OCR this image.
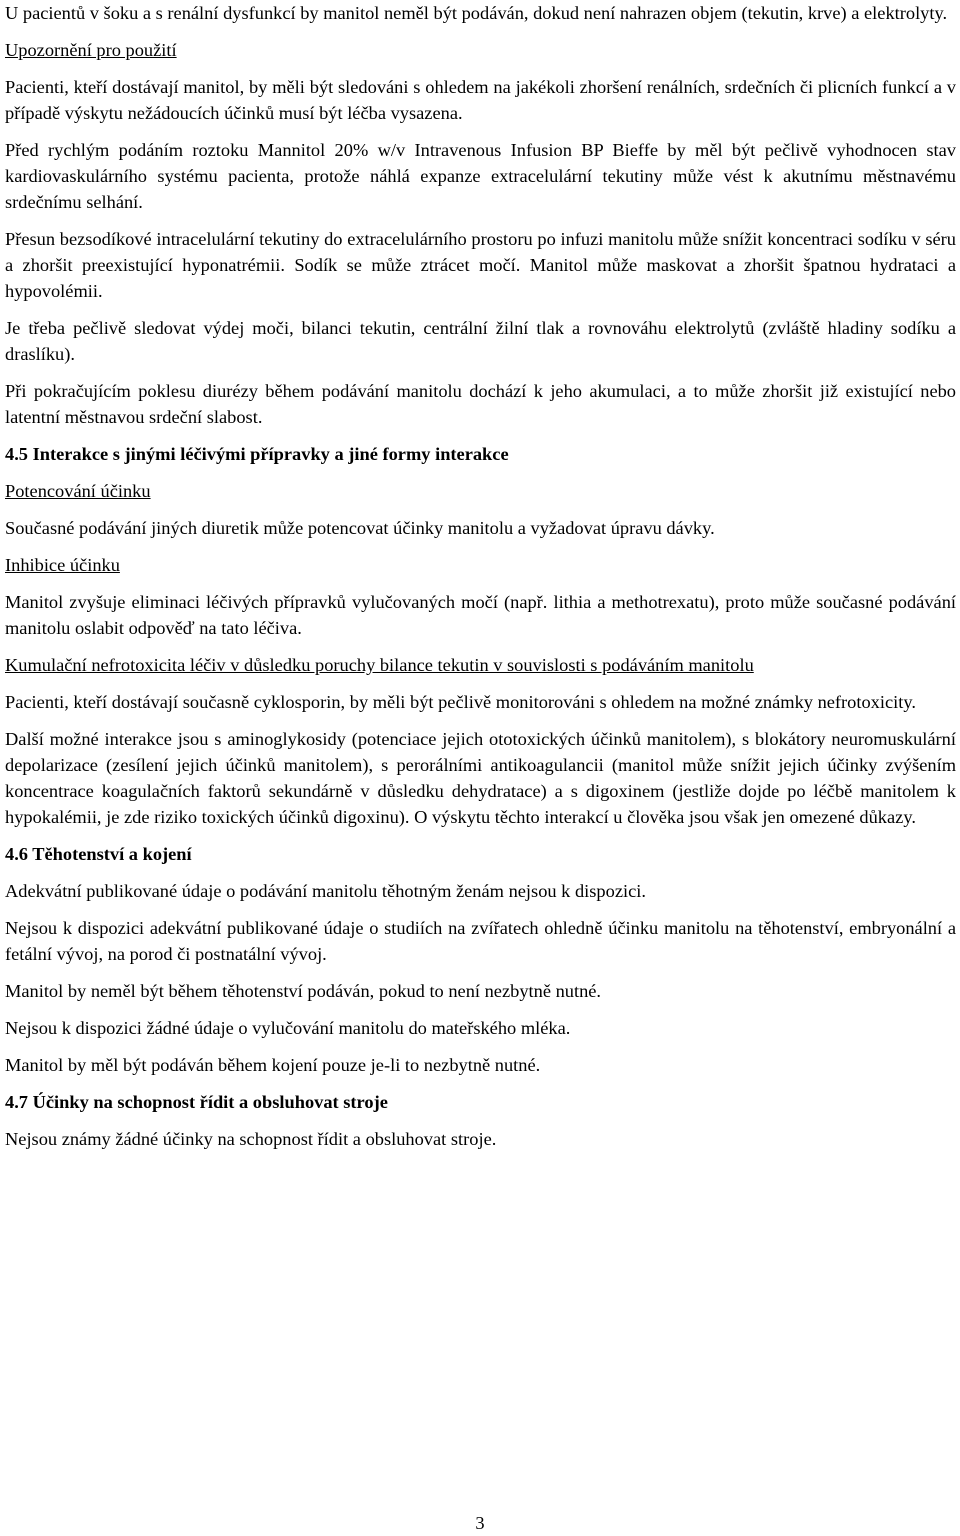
U pacientů v šoku a s renální dysfunkcí by manitol neměl být podáván, dokud není nahrazen objem (tekutin, krve) a elektrolyty.

Upozornění pro použití

Pacienti, kteří dostávají manitol, by měli být sledováni s ohledem na jakékoli zhoršení renálních, srdečních či plicních funkcí a v případě výskytu nežádoucích účinků musí být léčba vysazena.

Před rychlým podáním roztoku Mannitol 20% w/v Intravenous Infusion BP Bieffe by měl být pečlivě vyhodnocen stav kardiovaskulárního systému pacienta, protože náhlá expanze extracelulární tekutiny může vést k akutnímu městnavému srdečnímu selhání.

Přesun bezsodíkové intracelulární tekutiny do extracelulárního prostoru po infuzi manitolu může snížit koncentraci sodíku v séru a zhoršit preexistující hyponatrémii. Sodík se může ztrácet močí. Manitol může maskovat a zhoršit špatnou hydrataci a hypovolémii.

Je třeba pečlivě sledovat výdej moči, bilanci tekutin, centrální žilní tlak a rovnováhu elektrolytů (zvláště hladiny sodíku a draslíku).

Při pokračujícím poklesu diurézy během podávání manitolu dochází k jeho akumulaci, a to může zhoršit již existující nebo latentní městnavou srdeční slabost.

4.5 Interakce s jinými léčivými přípravky a jiné formy interakce

Potencování účinku

Současné podávání jiných diuretik může potencovat účinky manitolu a vyžadovat úpravu dávky.

Inhibice účinku

Manitol zvyšuje eliminaci léčivých přípravků vylučovaných močí (např. lithia a methotrexatu), proto může současné podávání manitolu oslabit odpověď na tato léčiva.

Kumulační nefrotoxicita léčiv v důsledku poruchy bilance tekutin v souvislosti s podáváním manitolu

Pacienti, kteří dostávají současně cyklosporin, by měli být pečlivě monitorováni s ohledem na možné známky nefrotoxicity.

Další možné interakce jsou s aminoglykosidy (potenciace jejich ototoxických účinků manitolem), s blokátory neuromuskulární depolarizace (zesílení jejich účinků manitolem), s perorálními antikoagulancii (manitol může snížit jejich účinky zvýšením koncentrace koagulačních faktorů sekundárně v důsledku dehydratace) a s digoxinem (jestliže dojde po léčbě manitolem k hypokalémii, je zde riziko toxických účinků digoxinu). O výskytu těchto interakcí u člověka jsou však jen omezené důkazy.

4.6 Těhotenství a kojení

Adekvátní publikované údaje o podávání manitolu těhotným ženám nejsou k dispozici.

Nejsou k dispozici adekvátní publikované údaje o studiích na zvířatech ohledně účinku manitolu na těhotenství, embryonální a fetální vývoj, na porod či postnatální vývoj.

Manitol by neměl být během těhotenství podáván, pokud to není nezbytně nutné.

Nejsou k dispozici žádné údaje o vylučování manitolu do mateřského mléka.

Manitol by měl být podáván během kojení pouze je-li to nezbytně nutné.

4.7 Účinky na schopnost řídit a obsluhovat stroje

Nejsou známy žádné účinky na schopnost řídit a obsluhovat stroje.

3
